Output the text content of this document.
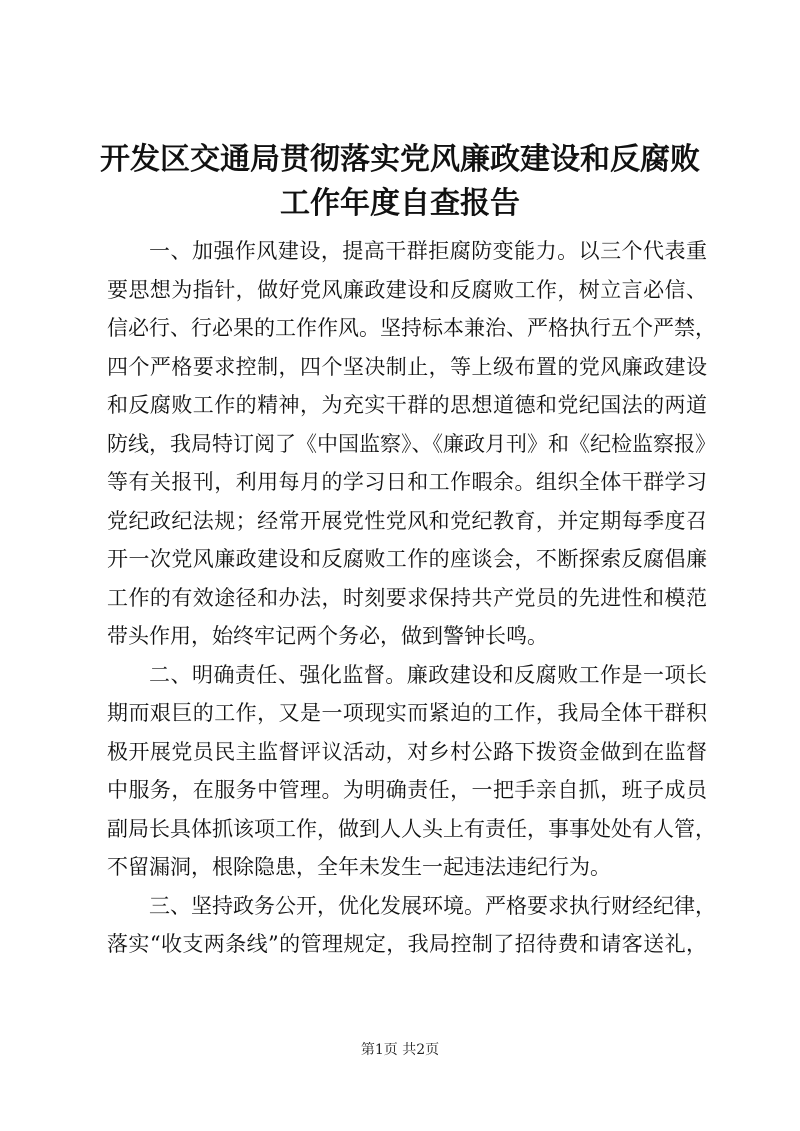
开发区交通局贯彻落实党风廉政建设和反腐败
工作年度自查报告
一、加强作风建设，提高干群拒腐防变能力。以三个代表重
要思想为指针，做好党风廉政建设和反腐败工作，树立言必信、
信必行、行必果的工作作风。坚持标本兼治、严格执行五个严禁，
四个严格要求控制，四个坚决制止，等上级布置的党风廉政建设
和反腐败工作的精神，为充实干群的思想道德和党纪国法的两道
防线，我局特订阅了《中国监察》、《廉政月刊》和《纪检监察报》
等有关报刊，利用每月的学习日和工作暇余。组织全体干群学习
党纪政纪法规；经常开展党性党风和党纪教育，并定期每季度召
开一次党风廉政建设和反腐败工作的座谈会，不断探索反腐倡廉
工作的有效途径和办法，时刻要求保持共产党员的先进性和模范
带头作用，始终牢记两个务必，做到警钟长鸣。
二、明确责任、强化监督。廉政建设和反腐败工作是一项长
期而艰巨的工作，又是一项现实而紧迫的工作，我局全体干群积
极开展党员民主监督评议活动，对乡村公路下拨资金做到在监督
中服务，在服务中管理。为明确责任，一把手亲自抓，班子成员
副局长具体抓该项工作，做到人人头上有责任，事事处处有人管，
不留漏洞，根除隐患，全年未发生一起违法违纪行为。
三、坚持政务公开，优化发展环境。严格要求执行财经纪律，
落实“收支两条线”的管理规定，我局控制了招待费和请客送礼，
第1页 共2页
